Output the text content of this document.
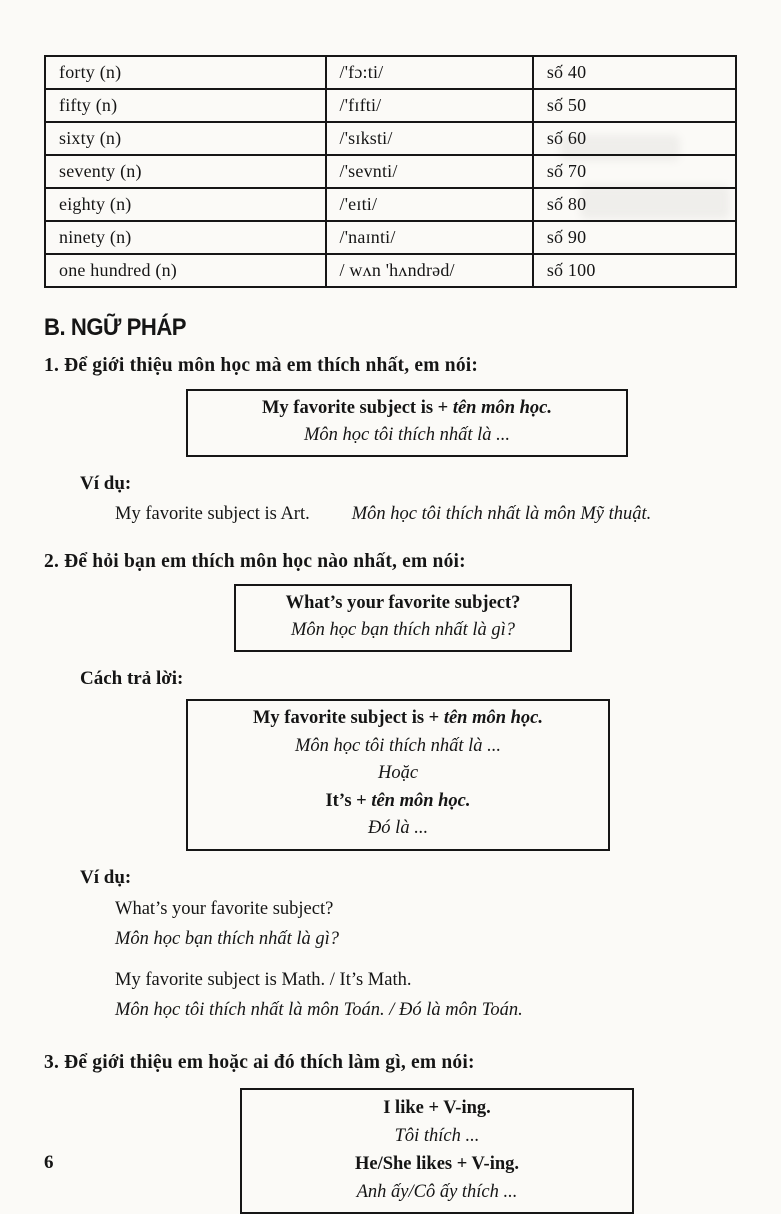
forty (n)	/'fɔ:ti/	số 40
fifty (n)	/'fɪfti/	số 50
sixty (n)	/'sɪksti/	số 60
seventy (n)	/'sevnti/	số 70
eighty (n)	/'eɪti/	số 80
ninety (n)	/'naɪnti/	số 90
one hundred (n)	/ wʌn 'hʌndrəd/	số 100
B. NGỮ PHÁP

1. Để giới thiệu môn học mà em thích nhất, em nói:

My favorite subject is + tên môn học.

Môn học tôi thích nhất là ...

Ví dụ:

My favorite subject is Art. Môn học tôi thích nhất là môn Mỹ thuật.

2. Để hỏi bạn em thích môn học nào nhất, em nói:

What’s your favorite subject?

Môn học bạn thích nhất là gì?

Cách trả lời:

My favorite subject is + tên môn học.

Môn học tôi thích nhất là ...

Hoặc

It’s + tên môn học.

Đó là ...

Ví dụ:

What’s your favorite subject?

Môn học bạn thích nhất là gì?

My favorite subject is Math. / It’s Math.

Môn học tôi thích nhất là môn Toán. / Đó là môn Toán.

3. Để giới thiệu em hoặc ai đó thích làm gì, em nói:

I like + V-ing.

Tôi thích ...

He/She likes + V-ing.

Anh ấy/Cô ấy thích ...

6
